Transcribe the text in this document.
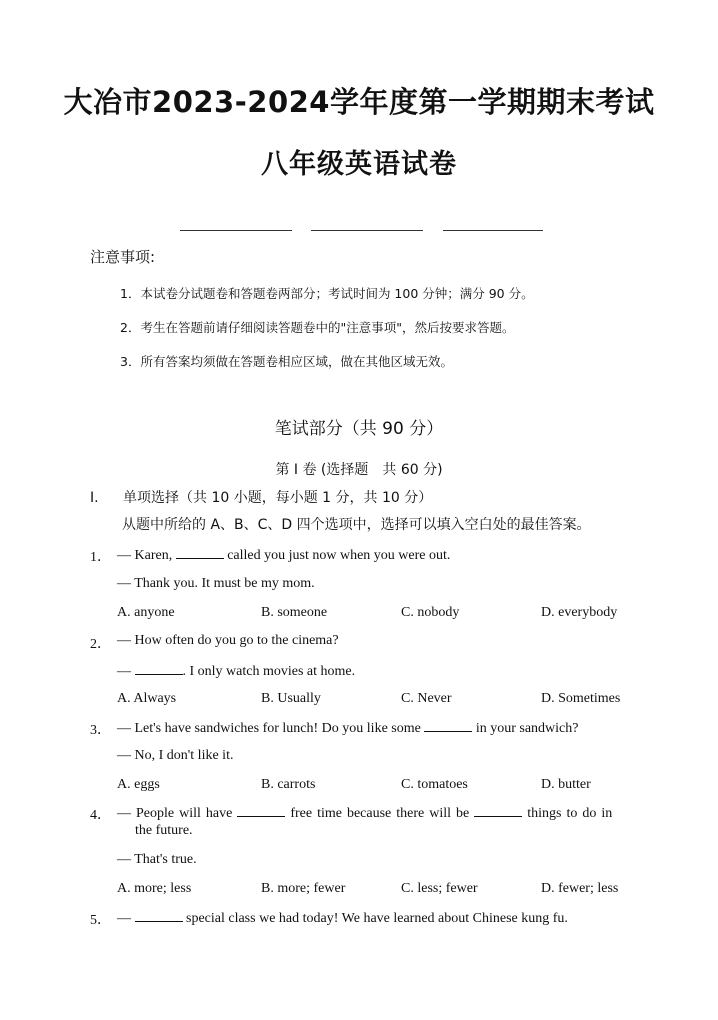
大冶市2023-2024学年度第一学期期末考试
八年级英语试卷
注意事项:
1．本试卷分试题卷和答题卷两部分；考试时间为 100 分钟；满分 90 分。
2．考生在答题前请仔细阅读答题卷中的"注意事项"，然后按要求答题。
3．所有答案均须做在答题卷相应区域，做在其他区域无效。
笔试部分（共 90 分）
第 I 卷 (选择题　共 60 分)
I. 单项选择（共 10 小题，每小题 1 分，共 10 分）
从题中所给的 A、B、C、D 四个选项中，选择可以填入空白处的最佳答案。
1． — Karen,	called you just now when you were out.
— Thank you. It must be my mom.
A. anyone	B. someone	C. nobody	D. everybody
2． — How often do you go to the cinema?
—	. I only watch movies at home.
A. Always	B. Usually	C. Never	D. Sometimes
3． — Let's have sandwiches for lunch! Do you like some	in your sandwich?
— No, I don't like it.
A. eggs	B. carrots	C. tomatoes	D. butter
4． — People will have	free time because there will be	things to do in
the future.
— That's true.
A. more; less	B. more; fewer	C. less; fewer	D. fewer; less
5． —	special class we had today! We have learned about Chinese kung fu.
